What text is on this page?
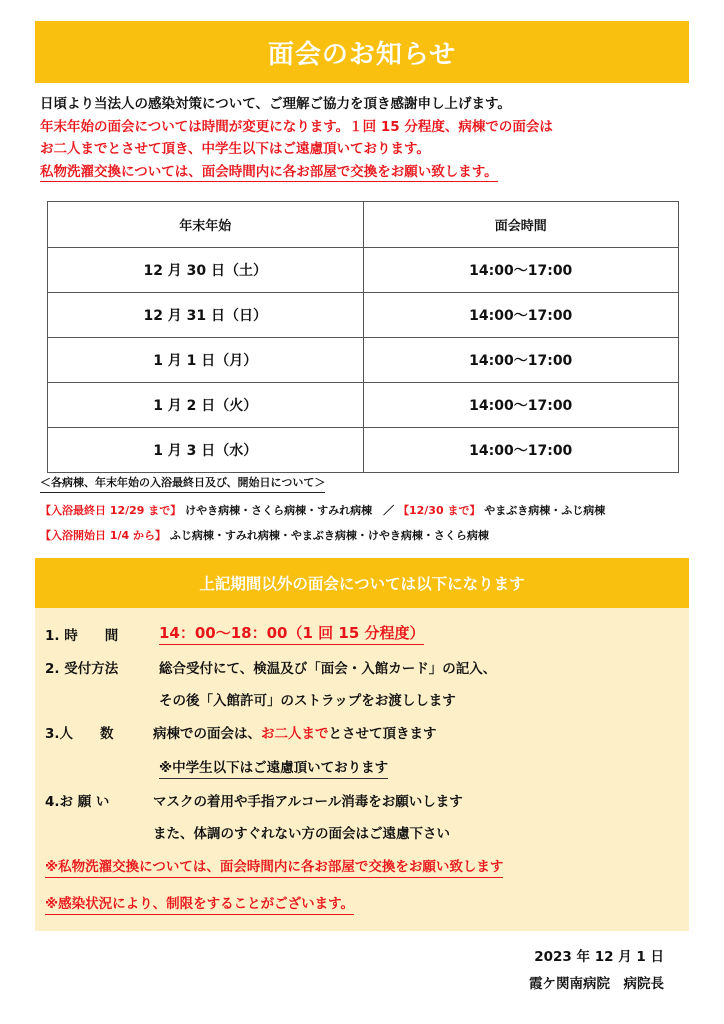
面会のお知らせ
日頃より当法人の感染対策について、ご理解ご協力を頂き感謝申し上げます。
年末年始の面会については時間が変更になります。１回 15 分程度、病棟での面会は
お二人までとさせて頂き、中学生以下はご遠慮頂いております。
私物洗濯交換については、面会時間内に各お部屋で交換をお願い致します。
年末年始	面会時間
12 月 30 日（土）	14:00～17:00
12 月 31 日（日）	14:00～17:00
1 月 1 日（月）	14:00～17:00
1 月 2 日（火）	14:00～17:00
1 月 3 日（水）	14:00～17:00
＜各病棟、年末年始の入浴最終日及び、開始日について＞
【入浴最終日 12/29 まで】 けやき病棟・さくら病棟・すみれ病棟　／ 【12/30 まで】 やまぶき病棟・ふじ病棟
【入浴開始日 1/4 から】 ふじ病棟・すみれ病棟・やまぶき病棟・けやき病棟・さくら病棟
上記期間以外の面会については以下になります
1. 時　　間	14：00～18：00（1 回 15 分程度）
2. 受付方法	総合受付にて、検温及び「面会・入館カード」の記入、
その後「入館許可」のストラップをお渡しします
3.人　　数	病棟での面会は、お二人までとさせて頂きます
※中学生以下はご遠慮頂いております
4.お 願 い	マスクの着用や手指アルコール消毒をお願いします
また、体調のすぐれない方の面会はご遠慮下さい
※私物洗濯交換については、面会時間内に各お部屋で交換をお願い致します
※感染状況により、制限をすることがございます。
2023 年 12 月 1 日
霞ケ関南病院　病院長
